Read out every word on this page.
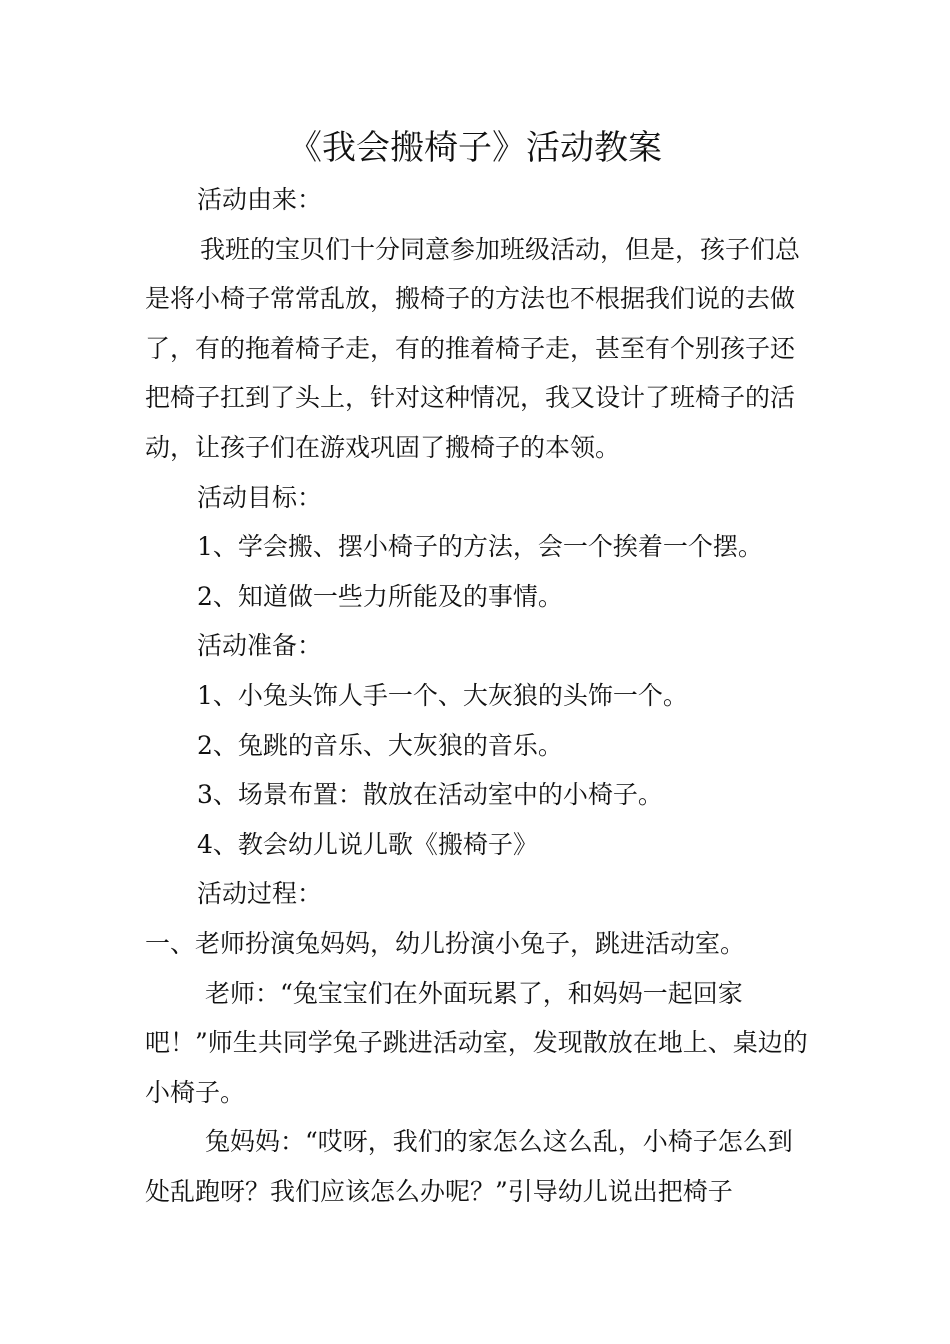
《我会搬椅子》活动教案

活动由来：

我班的宝贝们十分同意参加班级活动，但是，孩子们总是将小椅子常常乱放，搬椅子的方法也不根据我们说的去做了，有的拖着椅子走，有的推着椅子走，甚至有个别孩子还把椅子扛到了头上，针对这种情况，我又设计了班椅子的活动，让孩子们在游戏巩固了搬椅子的本领。

活动目标：

1、学会搬、摆小椅子的方法，会一个挨着一个摆。

2、知道做一些力所能及的事情。

活动准备：

1、小兔头饰人手一个、大灰狼的头饰一个。

2、兔跳的音乐、大灰狼的音乐。

3、场景布置：散放在活动室中的小椅子。

4、教会幼儿说儿歌《搬椅子》

活动过程：

一、老师扮演兔妈妈，幼儿扮演小兔子，跳进活动室。

老师：“兔宝宝们在外面玩累了，和妈妈一起回家吧！”师生共同学兔子跳进活动室，发现散放在地上、桌边的小椅子。

兔妈妈：“哎呀，我们的家怎么这么乱，小椅子怎么到处乱跑呀？我们应该怎么办呢？”引导幼儿说出把椅子
